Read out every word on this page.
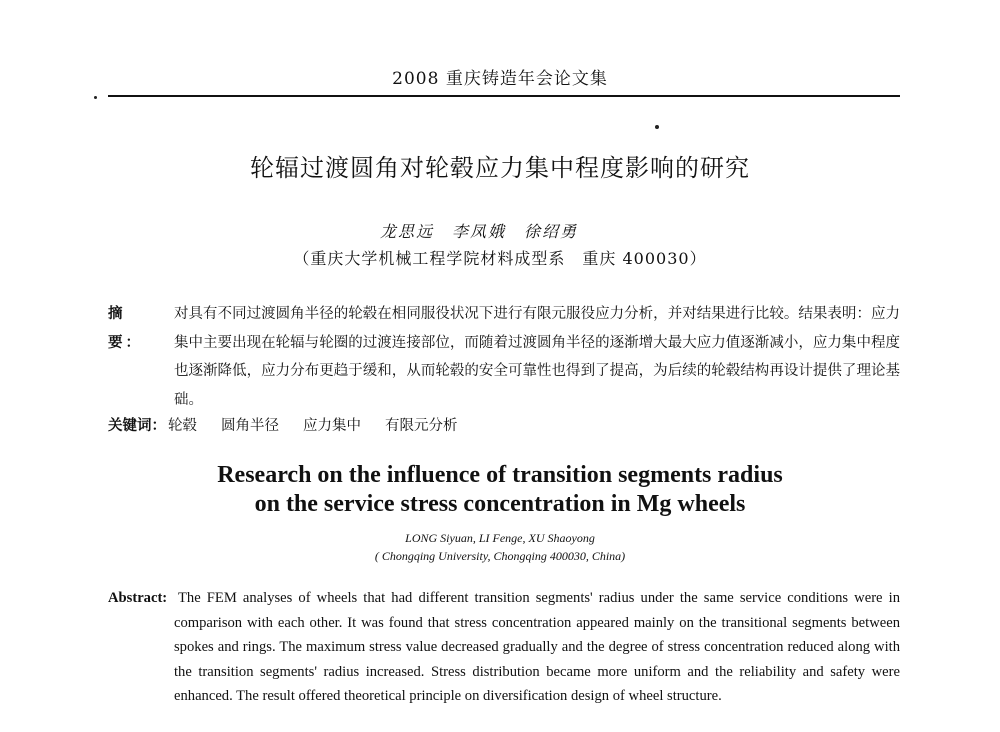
2008 重庆铸造年会论文集
轮辐过渡圆角对轮毂应力集中程度影响的研究
龙思远　李凤娥　徐绍勇
（重庆大学机械工程学院材料成型系　重庆 400030）
摘　要：
对具有不同过渡圆角半径的轮毂在相同服役状况下进行有限元服役应力分析，并对结果进行比较。结果表明：应力集中主要出现在轮辐与轮圈的过渡连接部位，而随着过渡圆角半径的逐渐增大最大应力值逐渐减小，应力集中程度也逐渐降低，应力分布更趋于缓和，从而轮毂的安全可靠性也得到了提高，为后续的轮毂结构再设计提供了理论基础。
关键词： 轮毂 圆角半径 应力集中 有限元分析
Research on the influence of transition segments radius
on the service stress concentration in Mg wheels
LONG Siyuan, LI Fenge, XU Shaoyong
( Chongqing University, Chongqing 400030, China)
Abstract: The FEM analyses of wheels that had different transition segments' radius under the same service conditions were in comparison with each other. It was found that stress concentration appeared mainly on the transitional segments between spokes and rings. The maximum stress value decreased gradually and the degree of stress concentration reduced along with the transition segments' radius increased. Stress distribution became more uniform and the reliability and safety were enhanced. The result offered theoretical principle on diversification design of wheel structure.
